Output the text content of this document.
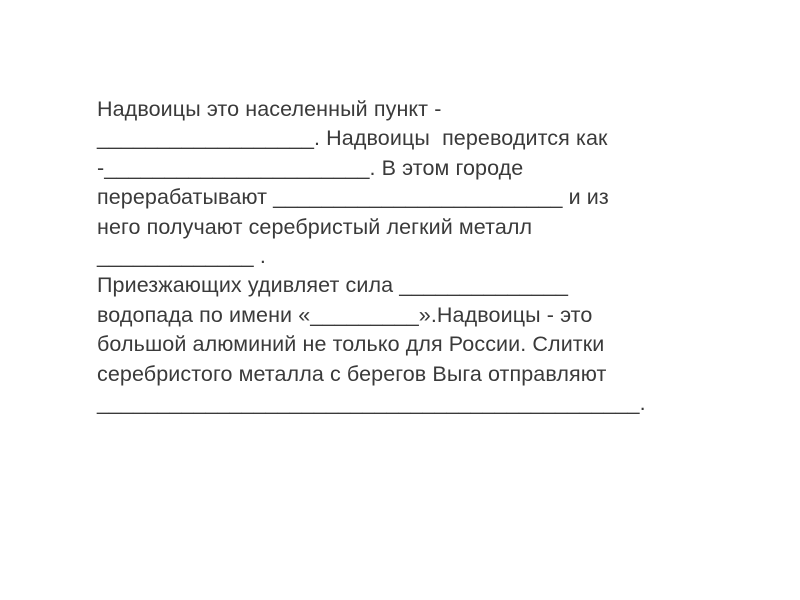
Надвоицы это населенный пункт -
__________________. Надвоицы  переводится как
-______________________. В этом городе
перерабатывают ________________________ и из
него получают серебристый легкий металл
_____________ .
Приезжающих удивляет сила ______________
водопада по имени «_________».Надвоицы - это
большой алюминий не только для России. Слитки
серебристого металла с берегов Выга отправляют
_____________________________________________.
